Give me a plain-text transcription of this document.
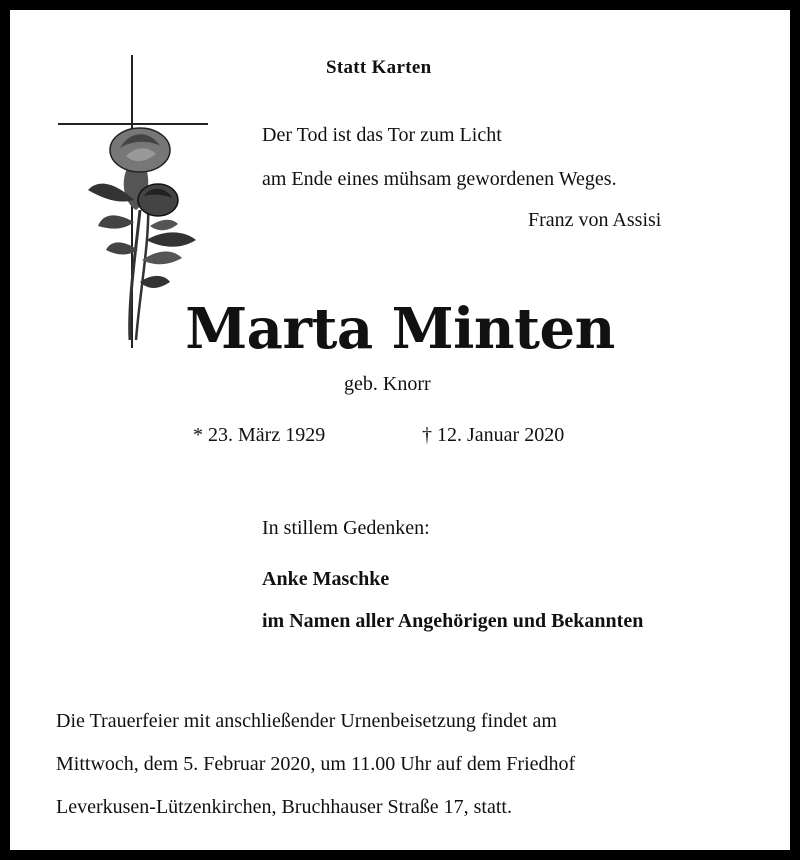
Statt Karten

Der Tod ist das Tor zum Licht

am Ende eines mühsam gewordenen Weges.

Franz von Assisi

Marta Minten

geb. Knorr

* 23. März 1929	† 12. Januar 2020

In stillem Gedenken:

Anke Maschke

im Namen aller Angehörigen und Bekannten

Die Trauerfeier mit anschließender Urnenbeisetzung findet am
Mittwoch, dem 5. Februar 2020, um 11.00 Uhr auf dem Friedhof
Leverkusen-Lützenkirchen, Bruchhauser Straße 17, statt.
